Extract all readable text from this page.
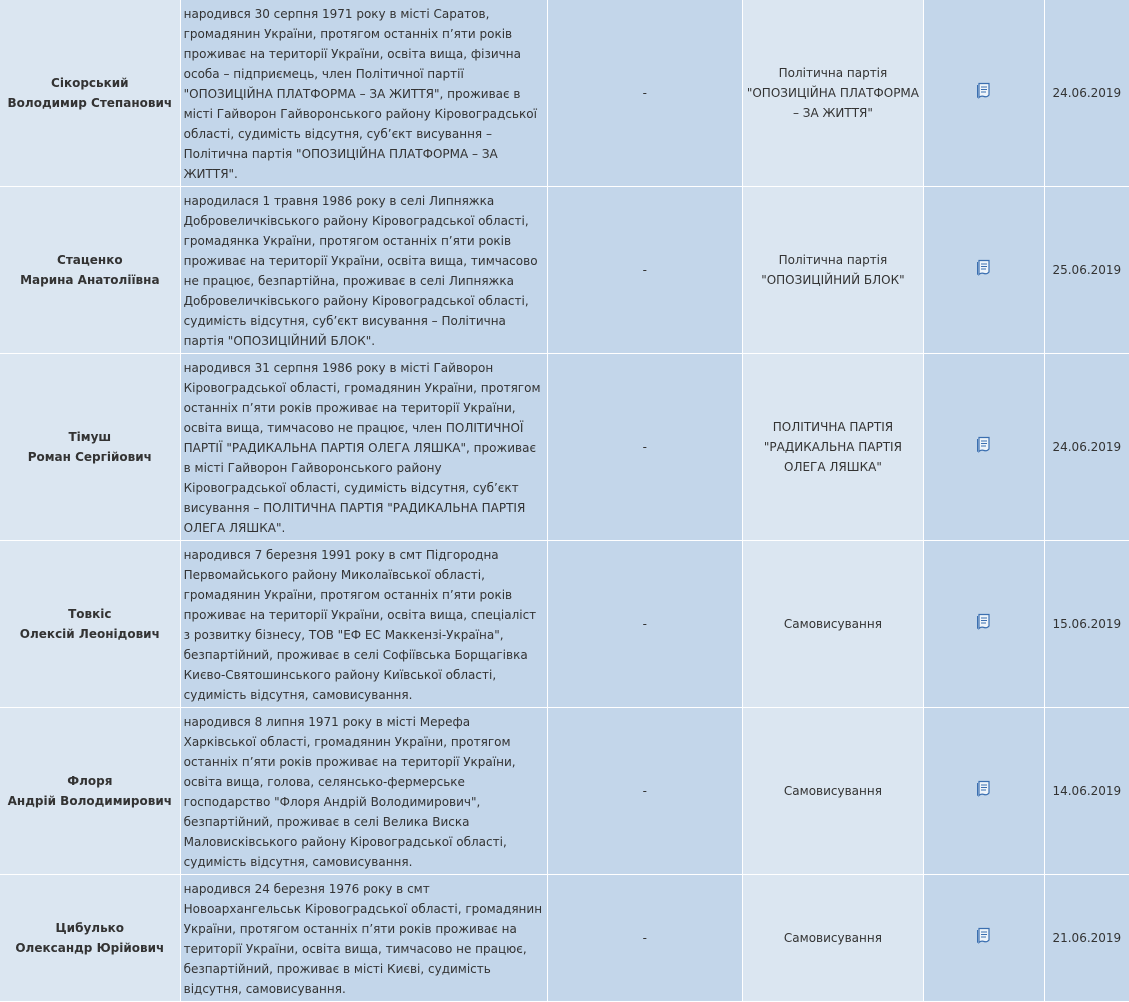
Сікорський
Володимир Степанович	народився 30 серпня 1971 року в місті Саратов, громадянин України, протягом останніх п’яти років проживає на території України, освіта вища, фізична особа – підприємець, член Політичної партії "ОПОЗИЦІЙНА ПЛАТФОРМА – ЗА ЖИТТЯ", проживає в місті Гайворон Гайворонського району Кіровоградської області, судимість відсутня, суб’єкт висування – Політична партія "ОПОЗИЦІЙНА ПЛАТФОРМА – ЗА ЖИТТЯ".	-	Політична партія "ОПОЗИЦІЙНА ПЛАТФОРМА – ЗА ЖИТТЯ"		24.06.2019

Стаценко
Марина Анатоліївна	народилася 1 травня 1986 року в селі Липняжка Добровеличківського району Кіровоградської області, громадянка України, протягом останніх п’яти років проживає на території України, освіта вища, тимчасово не працює, безпартійна, проживає в селі Липняжка Добровеличківського району Кіровоградської області, судимість відсутня, суб’єкт висування – Політична партія "ОПОЗИЦІЙНИЙ БЛОК".	-	Політична партія "ОПОЗИЦІЙНИЙ БЛОК"		25.06.2019

Тімуш
Роман Сергійович	народився 31 серпня 1986 року в місті Гайворон Кіровоградської області, громадянин України, протягом останніх п’яти років проживає на території України, освіта вища, тимчасово не працює, член ПОЛІТИЧНОЇ ПАРТІЇ "РАДИКАЛЬНА ПАРТІЯ ОЛЕГА ЛЯШКА", проживає в місті Гайворон Гайворонського району Кіровоградської області, судимість відсутня, суб’єкт висування – ПОЛІТИЧНА ПАРТІЯ "РАДИКАЛЬНА ПАРТІЯ ОЛЕГА ЛЯШКА".	-	ПОЛІТИЧНА ПАРТІЯ "РАДИКАЛЬНА ПАРТІЯ ОЛЕГА ЛЯШКА"		24.06.2019

Товкіс
Олексій Леонідович	народився 7 березня 1991 року в смт Підгородна Первомайського району Миколаївської області, громадянин України, протягом останніх п’яти років проживає на території України, освіта вища, спеціаліст з розвитку бізнесу, ТОВ "ЕФ ЕС Маккензі-Україна", безпартійний, проживає в селі Софіївська Борщагівка Києво-Святошинського району Київської області, судимість відсутня, самовисування.	-	Самовисування		15.06.2019

Флоря
Андрій Володимирович	народився 8 липня 1971 року в місті Мерефа Харківської області, громадянин України, протягом останніх п’яти років проживає на території України, освіта вища, голова, селянсько-фермерське господарство "Флоря Андрій Володимирович", безпартійний, проживає в селі Велика Виска Маловисківського району Кіровоградської області, судимість відсутня, самовисування.	-	Самовисування		14.06.2019

Цибулько
Олександр Юрійович	народився 24 березня 1976 року в смт Новоархангельськ Кіровоградської області, громадянин України, протягом останніх п’яти років проживає на території України, освіта вища, тимчасово не працює, безпартійний, проживає в місті Києві, судимість відсутня, самовисування.	-	Самовисування		21.06.2019
